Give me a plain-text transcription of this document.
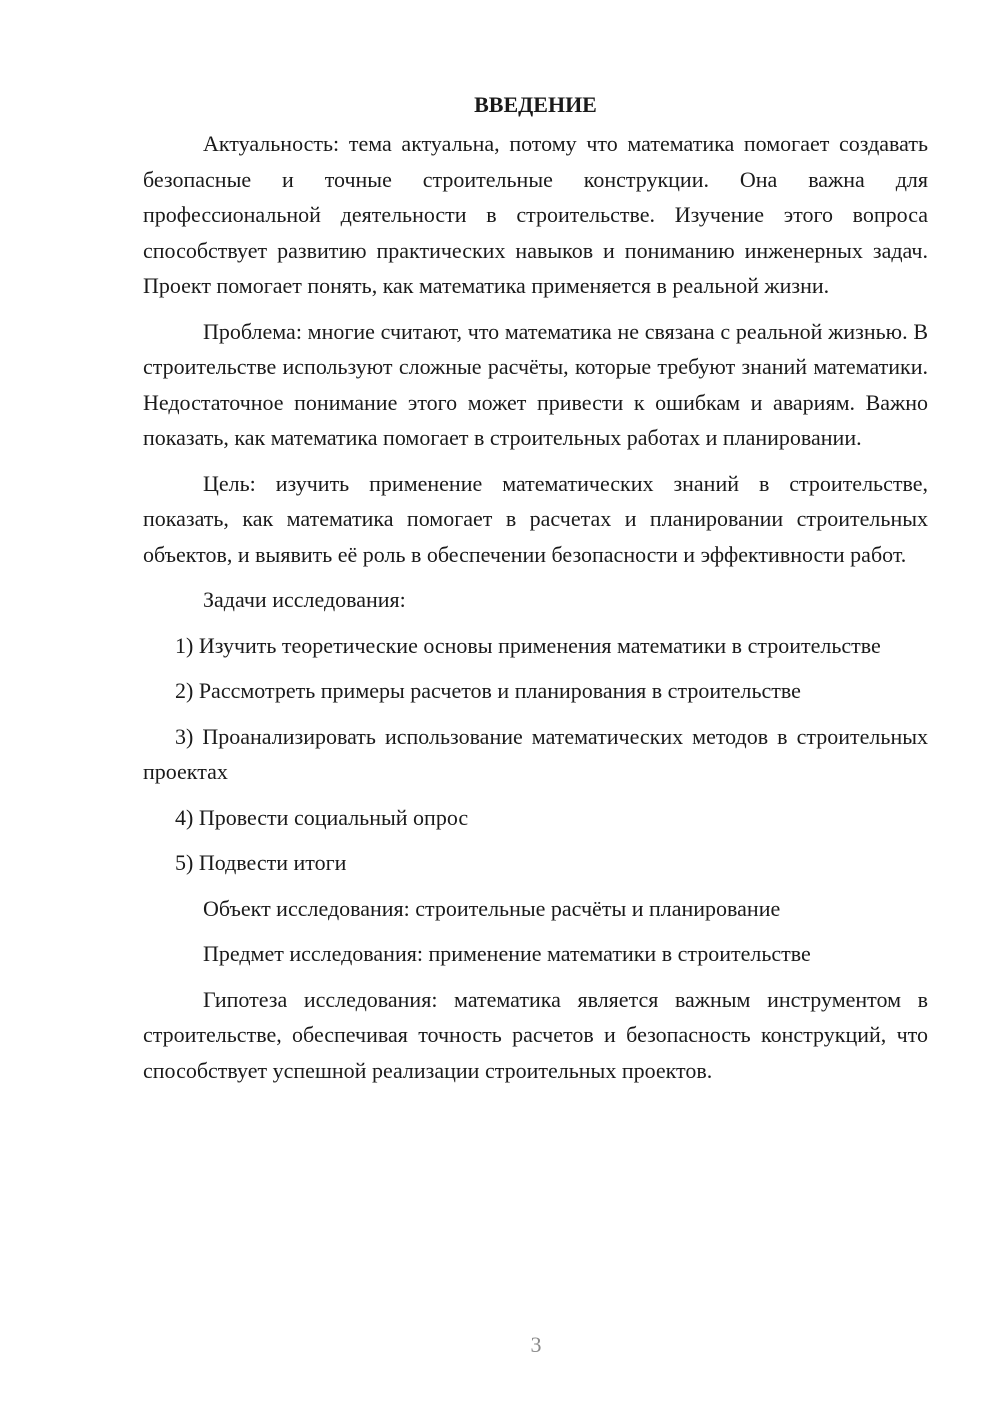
ВВЕДЕНИЕ

Актуальность: тема актуальна, потому что математика помогает создавать безопасные и точные строительные конструкции. Она важна для профессиональной деятельности в строительстве. Изучение этого вопроса способствует развитию практических навыков и пониманию инженерных задач. Проект помогает понять, как математика применяется в реальной жизни.

Проблема: многие считают, что математика не связана с реальной жизнью. В строительстве используют сложные расчёты, которые требуют знаний математики. Недостаточное понимание этого может привести к ошибкам и авариям. Важно показать, как математика помогает в строительных работах и планировании.

Цель: изучить применение математических знаний в строительстве, показать, как математика помогает в расчетах и планировании строительных объектов, и выявить её роль в обеспечении безопасности и эффективности работ.

Задачи исследования:

1) Изучить теоретические основы применения математики в строительстве

2) Рассмотреть примеры расчетов и планирования в строительстве

3) Проанализировать использование математических методов в строительных проектах

4) Провести социальный опрос

5) Подвести итоги

Объект исследования: строительные расчёты и планирование

Предмет исследования: применение математики в строительстве

Гипотеза исследования: математика является важным инструментом в строительстве, обеспечивая точность расчетов и безопасность конструкций, что способствует успешной реализации строительных проектов.

3
